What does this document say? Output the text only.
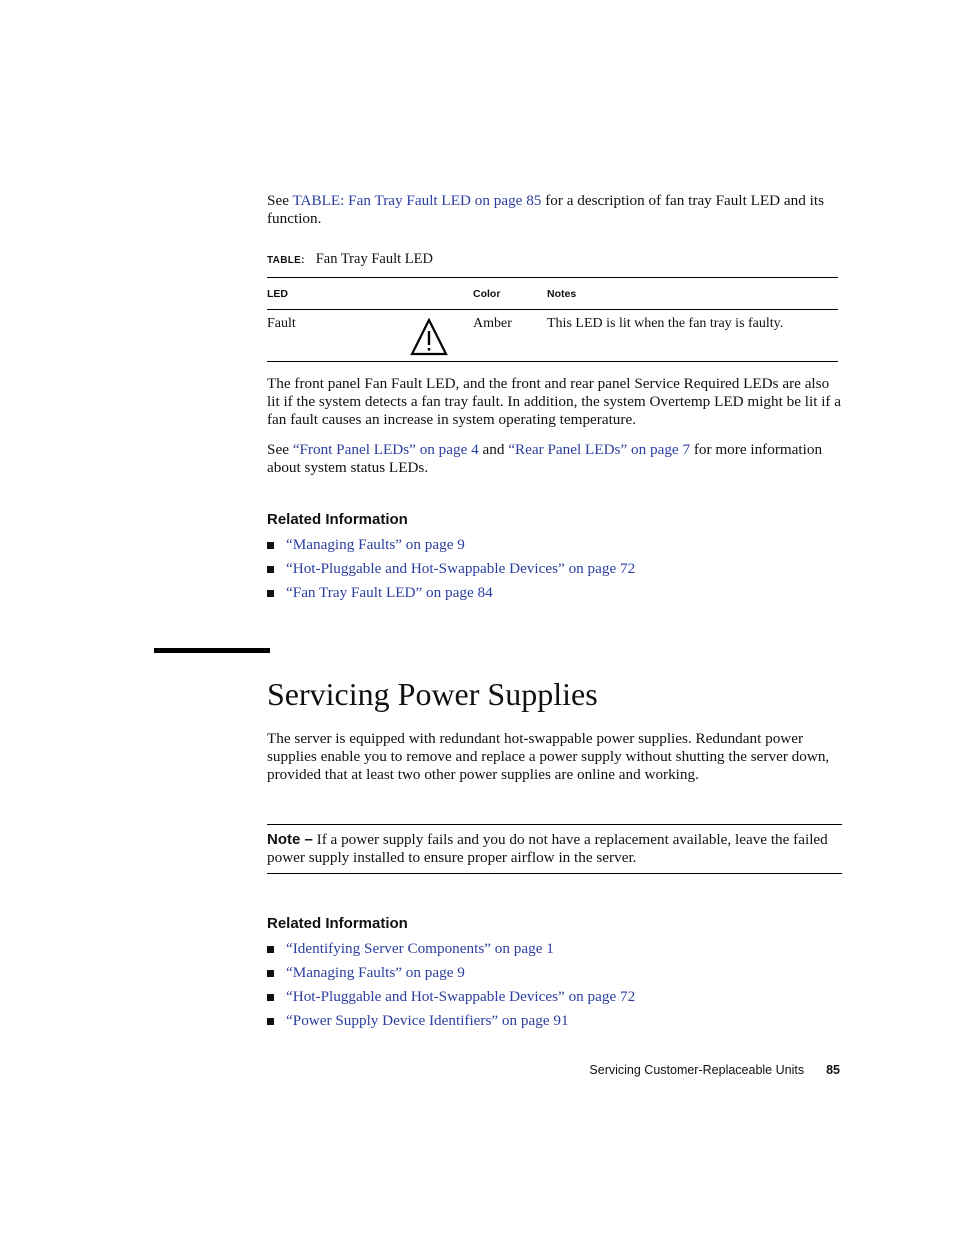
See TABLE: Fan Tray Fault LED on page 85 for a description of fan tray Fault LED and its function.

TABLE: Fan Tray Fault LED
LED	Color	Notes
Fault	Amber	This LED is lit when the fan tray is faulty.

The front panel Fan Fault LED, and the front and rear panel Service Required LEDs are also lit if the system detects a fan tray fault. In addition, the system Overtemp LED might be lit if a fan fault causes an increase in system operating temperature.

See “Front Panel LEDs” on page 4 and “Rear Panel LEDs” on page 7 for more information about system status LEDs.

Related Information
“Managing Faults” on page 9
“Hot-Pluggable and Hot-Swappable Devices” on page 72
“Fan Tray Fault LED” on page 84
Servicing Power Supplies

The server is equipped with redundant hot-swappable power supplies. Redundant power supplies enable you to remove and replace a power supply without shutting the server down, provided that at least two other power supplies are online and working.

Note – If a power supply fails and you do not have a replacement available, leave the failed power supply installed to ensure proper airflow in the server.
Related Information
“Identifying Server Components” on page 1
“Managing Faults” on page 9
“Hot-Pluggable and Hot-Swappable Devices” on page 72
“Power Supply Device Identifiers” on page 91
Servicing Customer-Replaceable Units 85
